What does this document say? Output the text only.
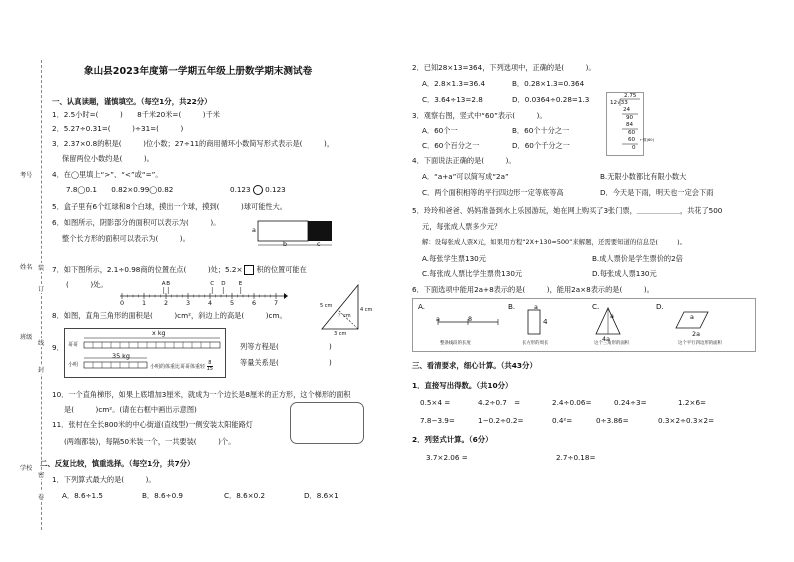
考号
姓名
班级
学校
装
订
线
封
密
卷
象山县2023年度第一学期五年级上册数学期末测试卷
一、认真读题，谨慎填空。（每空1分，共22分）
1．2.5小时=(　　　)　　8千米20米=(　　　)千米
2．5.27÷0.31=(　　　)÷31=(　　　)
3．2.37×0.8的积是(　　　)位小数；27÷11的商用循环小数简写形式表示是(　　　)，
保留两位小数约是(　　　)。
4．在◯里填上“>”、“<”或“=”。
7.8◯0.1　　0.82×0.99◯0.82	0.123 0.123
5．盒子里有6个红球和8个白球，摸出一个球，摸到(　　　)球可能性大。
6．如图所示，阴影部分的面积可以表示为(　　　)。
整个长方形的面积可以表示为(　　　)。
a
b	c
7．如下图所示，2.1÷0.98商的位置在点(　　　)处；5.2× 积的位置可能在
(　　　)处。
0	1	2	3	4	5	6	7
A B	C D E
8．如图，直角三角形的面积是(　　　)cm²，斜边上的高是(　　　)cm。
5 cm
4 cm
3 cm
？cm
9．
x kg
哥哥
35 kg
小明	小明的体重比哥哥体重轻 $\frac{8}{15}$
列等方程是(　　　　　　　)
等量关系是(　　　　　　　)
10．一个直角梯形，如果上底增加3厘米，就成为一个边长是8厘米的正方形，这个梯形的面积
是(　　　)cm²。(请在右框中画出示意图)
11．张村在全长800米的中心街道(直线型)一侧安装太阳能路灯
(两端都装)，每隔50米装一个，一共要装(　　　)个。
二、反复比较，慎重选择。（每空1分，共7分）
1．下列算式最大的是(　　　)。
A．8.6÷1.5	B．8.6÷0.9	C．8.6×0.2	D．8.6×1
2．已知28×13=364，下列选项中，正确的是(　　　)。
A．2.8×1.3=36.4	B．0.28×1.3=0.364
C．3.64÷13=2.8	D．0.0364÷0.28=1.3
3．观察右图，竖式中“60”表示(　　　)。
A．60个一	B．60个十分之一
C．60个百分之一	D．60个千分之一
2.75
12√33
24
90
84
60
60
0
←数(60)
4．下面说法正确的是(　　　)。
A．“a+a”可以简写成“2a”	B.无限小数都比有限小数大
C．两个面积相等的平行四边形一定等底等高	D．今天是下雨，明天也一定会下雨
5．玲玲和爸爸、妈妈准备到水上乐园游玩，她在网上购买了3张门票，＿＿＿＿＿＿，共花了500
元，每张成人票多少元？
解：设每张成人票X元，如果用方程“2X+130=500”来解题，还需要知道的信息是(　　　)。
A.每张学生票130元	B.成人票价是学生票价的2倍
C.每张成人票比学生票贵130元	D.每张成人票130元
6．下面选项中能用2a+8表示的是(　　　)，能用2a×8表示的是(　　　)。
A.	B.	C.	D.
a	8
a
4
a
4a
2a
a
整条线段的长度	长方形的周长	这个三角形的面积	这个平行四边形的面积
三、看清要求，细心计算。（共43分）
1．直接写出得数。（共10分）
0.5×4 =	4.2÷0.7　=	2.4÷0.06=	0.24÷3=	1.2×6=
7.8−3.9=	1−0.2÷0.2=	0.4²=	0÷3.86=	0.3×2÷0.3×2=
2．列竖式计算。（6分）
3.7×2.06 =	2.7÷0.18=
